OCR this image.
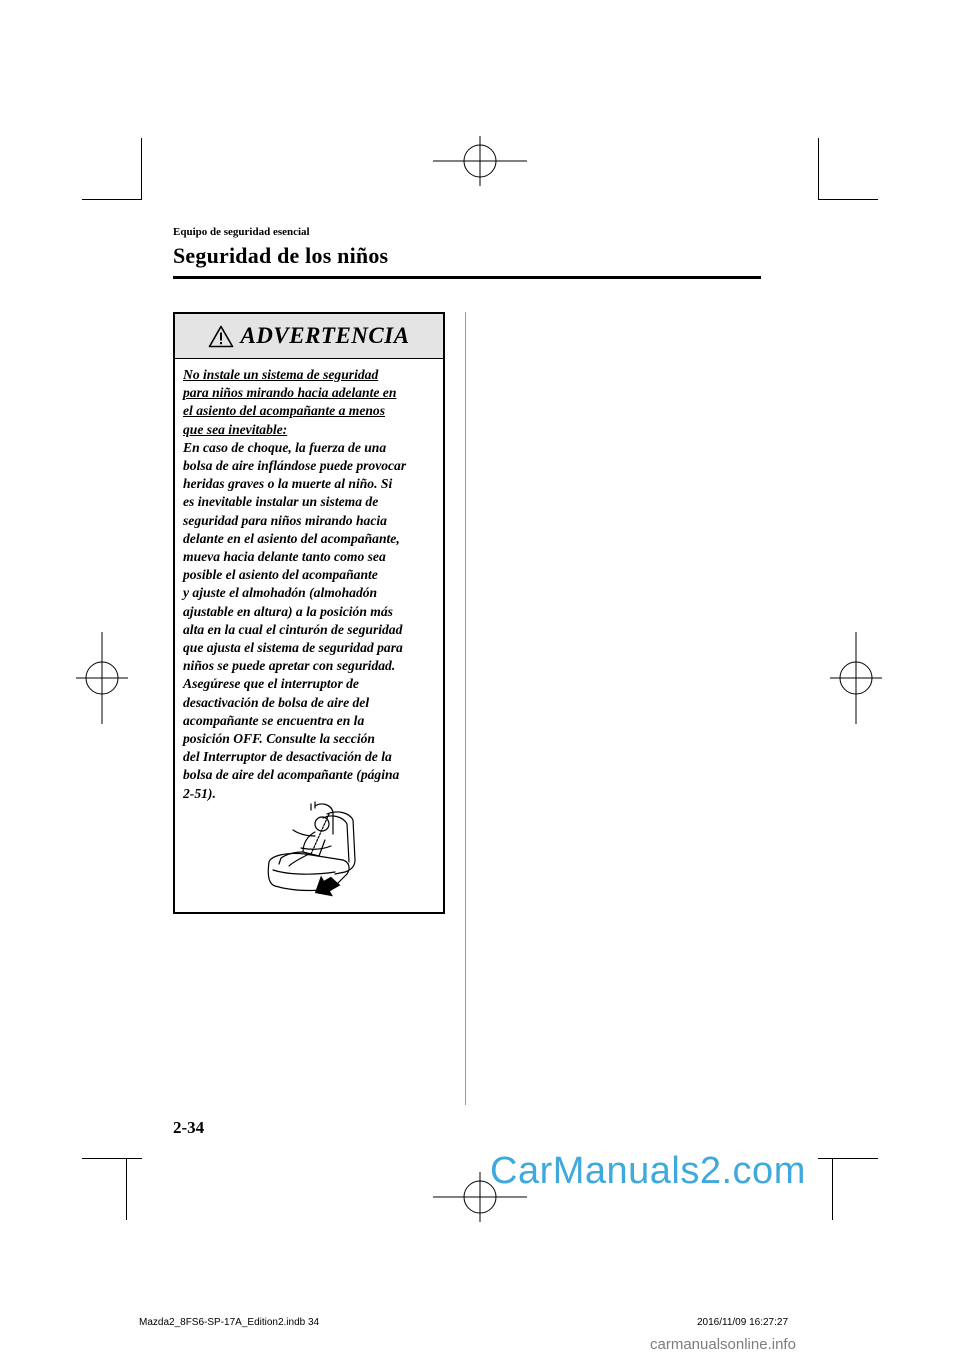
Equipo de seguridad esencial
Seguridad de los niños
ADVERTENCIA
No instale un sistema de seguridad
para niños mirando hacia adelante en
el asiento del acompañante a menos
que sea inevitable:
En caso de choque, la fuerza de una
bolsa de aire inflándose puede provocar
heridas graves o la muerte al niño. Si
es inevitable instalar un sistema de
seguridad para niños mirando hacia
delante en el asiento del acompañante,
mueva hacia delante tanto como sea
posible el asiento del acompañante
y ajuste el almohadón (almohadón
ajustable en altura) a la posición más
alta en la cual el cinturón de seguridad
que ajusta el sistema de seguridad para
niños se puede apretar con seguridad.
Asegúrese que el interruptor de
desactivación de bolsa de aire del
acompañante se encuentra en la
posición OFF. Consulte la sección
del Interruptor de desactivación de la
bolsa de aire del acompañante (página
2-51).
2-34
Mazda2_8FS6-SP-17A_Edition2.indb 34	2016/11/09 16:27:27
CarManuals2.com
carmanualsonline.info
